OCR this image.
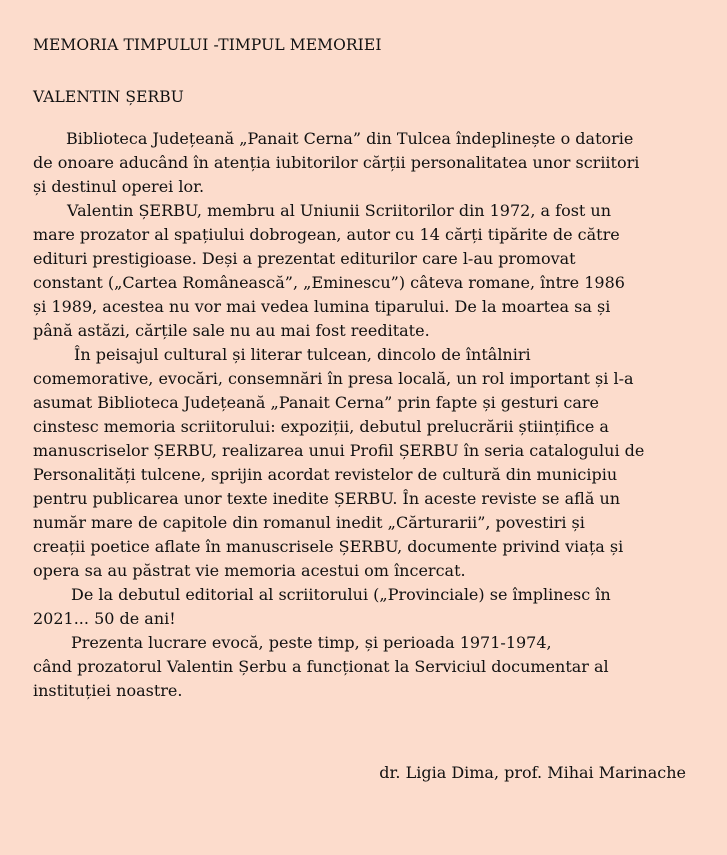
MEMORIA TIMPULUI -TIMPUL MEMORIEI
VALENTIN ȘERBU
Biblioteca Județeană „Panait Cerna” din Tulcea îndeplinește o datorie
de onoare aducând în atenția iubitorilor cărții personalitatea unor scriitori
și destinul operei lor.
Valentin ȘERBU, membru al Uniunii Scriitorilor din 1972, a fost un
mare prozator al spațiului dobrogean, autor cu 14 cărți tipărite de către
edituri prestigioase. Deși a prezentat editurilor care l-au promovat
constant („Cartea Românească”, „Eminescu”) câteva romane, între 1986
și 1989, acestea nu vor mai vedea lumina tiparului. De la moartea sa și
până astăzi, cărțile sale nu au mai fost reeditate.
În peisajul cultural și literar tulcean, dincolo de întâlniri
comemorative, evocări, consemnări în presa locală, un rol important și l-a
asumat Biblioteca Județeană „Panait Cerna” prin fapte și gesturi care
cinstesc memoria scriitorului: expoziții, debutul prelucrării științifice a
manuscriselor ȘERBU, realizarea unui Profil ȘERBU în seria catalogului de
Personalități tulcene, sprijin acordat revistelor de cultură din municipiu
pentru publicarea unor texte inedite ȘERBU. În aceste reviste se află un
număr mare de capitole din romanul inedit „Cărturarii”, povestiri și
creații poetice aflate în manuscrisele ȘERBU, documente privind viața și
opera sa au păstrat vie memoria acestui om încercat.
De la debutul editorial al scriitorului („Provinciale) se împlinesc în
2021... 50 de ani!
Prezenta lucrare evocă, peste timp, și perioada 1971-1974,
când prozatorul Valentin Șerbu a funcționat la Serviciul documentar al
instituției noastre.
dr. Ligia Dima, prof. Mihai Marinache
